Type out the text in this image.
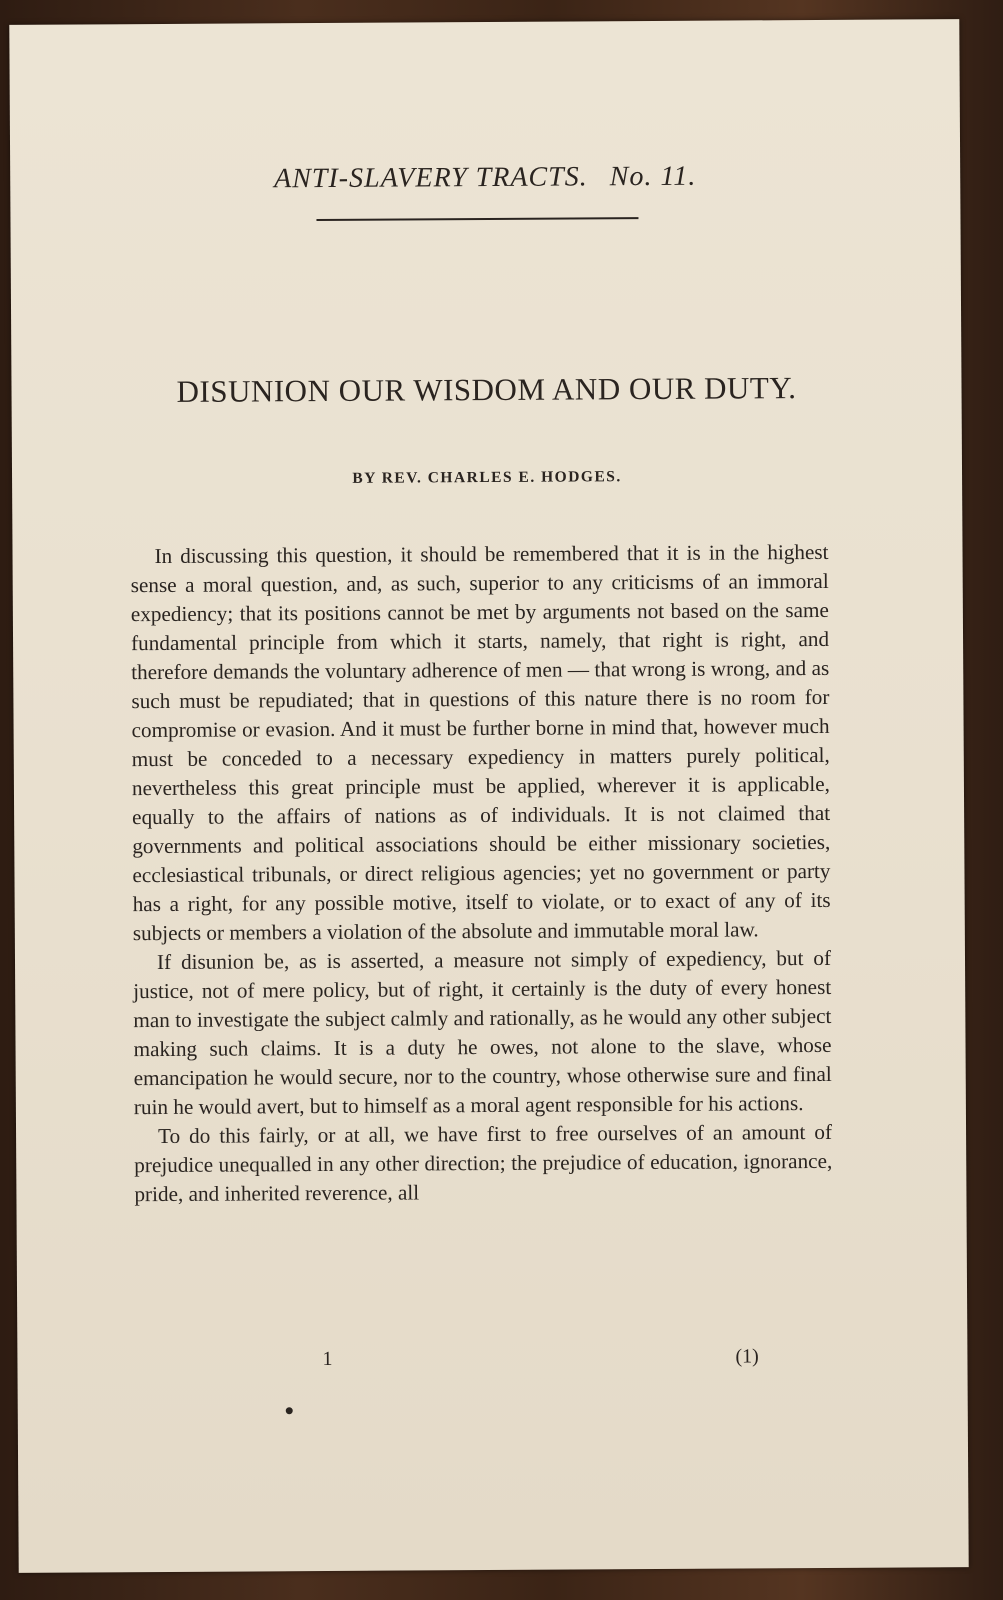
ANTI-SLAVERY TRACTS. No. 11.
DISUNION OUR WISDOM AND OUR DUTY.
BY REV. CHARLES E. HODGES.

In discussing this question, it should be remembered that it is in the highest sense a moral question, and, as such, superior to any criticisms of an immoral expediency; that its positions cannot be met by arguments not based on the same fundamental principle from which it starts, namely, that right is right, and therefore demands the voluntary adherence of men — that wrong is wrong, and as such must be repudiated; that in questions of this nature there is no room for compromise or evasion. And it must be further borne in mind that, however much must be conceded to a necessary expediency in matters purely political, nevertheless this great principle must be applied, wherever it is applicable, equally to the affairs of nations as of individuals. It is not claimed that governments and political associations should be either missionary societies, ecclesiastical tribunals, or direct religious agencies; yet no government or party has a right, for any possible motive, itself to violate, or to exact of any of its subjects or members a violation of the absolute and immutable moral law.

If disunion be, as is asserted, a measure not simply of expediency, but of justice, not of mere policy, but of right, it certainly is the duty of every honest man to investigate the subject calmly and rationally, as he would any other subject making such claims. It is a duty he owes, not alone to the slave, whose emancipation he would secure, nor to the country, whose otherwise sure and final ruin he would avert, but to himself as a moral agent responsible for his actions.

To do this fairly, or at all, we have first to free ourselves of an amount of prejudice unequalled in any other direction; the prejudice of education, ignorance, pride, and inherited reverence, all

1	(1)
